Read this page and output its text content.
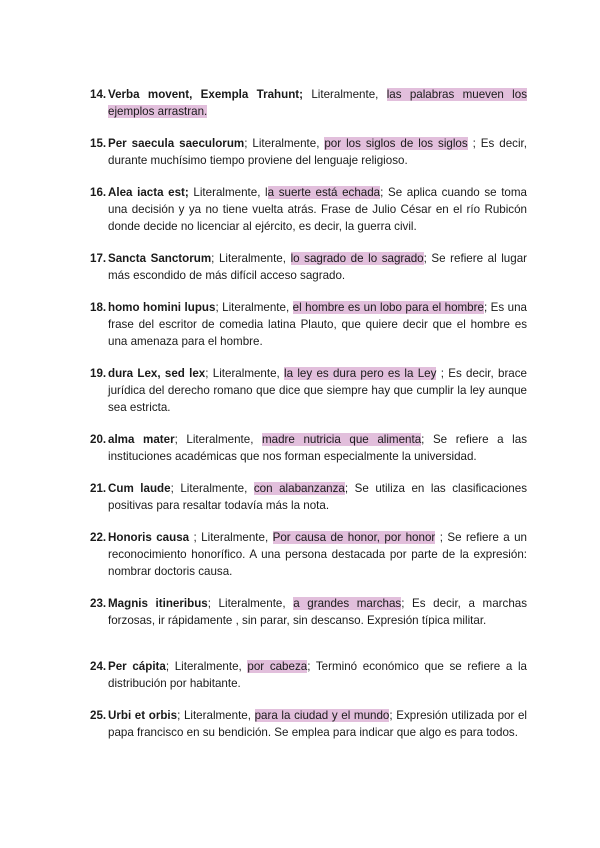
14. Verba movent, Exempla Trahunt; Literalmente, las palabras mueven los ejemplos arrastran.
15. Per saecula saeculorum; Literalmente, por los siglos de los siglos ; Es decir, durante muchísimo tiempo proviene del lenguaje religioso.
16. Alea iacta est; Literalmente, la suerte está echada; Se aplica cuando se toma una decisión y ya no tiene vuelta atrás. Frase de Julio César en el río Rubicón donde decide no licenciar al ejército, es decir, la guerra civil.
17. Sancta Sanctorum; Literalmente, lo sagrado de lo sagrado; Se refiere al lugar más escondido de más difícil acceso sagrado.
18. homo homini lupus; Literalmente, el hombre es un lobo para el hombre; Es una frase del escritor de comedia latina Plauto, que quiere decir que el hombre es una amenaza para el hombre.
19. dura Lex, sed lex; Literalmente, la ley es dura pero es la Ley ; Es decir, brace jurídica del derecho romano que dice que siempre hay que cumplir la ley aunque sea estricta.
20. alma mater; Literalmente, madre nutricia que alimenta; Se refiere a las instituciones académicas que nos forman especialmente la universidad.
21. Cum laude; Literalmente, con alabanzanza; Se utiliza en las clasificaciones positivas para resaltar todavía más la nota.
22. Honoris causa ; Literalmente, Por causa de honor, por honor ; Se refiere a un reconocimiento honorífico. A una persona destacada por parte de la expresión: nombrar doctoris causa.
23. Magnis itineribus; Literalmente, a grandes marchas; Es decir, a marchas forzosas, ir rápidamente , sin parar, sin descanso. Expresión típica militar.
24. Per cápita; Literalmente, por cabeza; Terminó económico que se refiere a la distribución por habitante.
25. Urbi et orbis; Literalmente, para la ciudad y el mundo; Expresión utilizada por el papa francisco en su bendición. Se emplea para indicar que algo es para todos.
